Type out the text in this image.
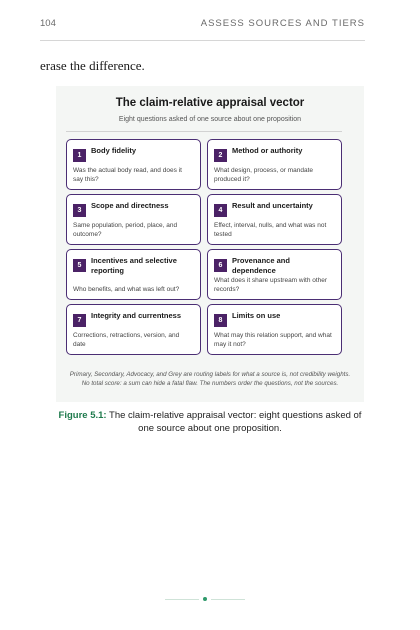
104	ASSESS SOURCES AND TIERS
erase the difference.
The claim-relative appraisal vector
Eight questions asked of one source about one proposition
1
Body fidelity
Was the actual body read, and does it say this?
2
Method or authority
What design, process, or mandate produced it?
3
Scope and directness
Same population, period, place, and outcome?
4
Result and uncertainty
Effect, interval, nulls, and what was not tested
5
Incentives and selective reporting
Who benefits, and what was left out?
6
Provenance and dependence
What does it share upstream with other records?
7
Integrity and currentness
Corrections, retractions, version, and date
8
Limits on use
What may this relation support, and what may it not?
Primary, Secondary, Advocacy, and Grey are routing labels for what a source is, not credibility weights.
No total score: a sum can hide a fatal flaw. The numbers order the questions, not the sources.
Figure 5.1: The claim-relative appraisal vector: eight questions asked of one source about one proposition.
